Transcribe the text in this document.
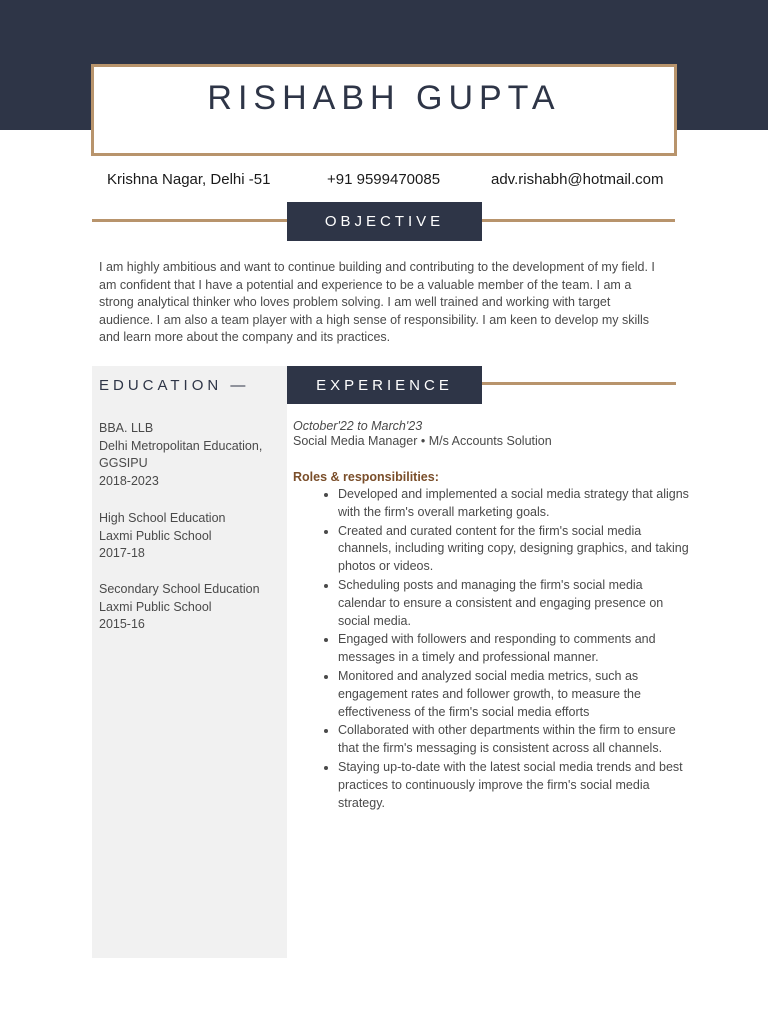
RISHABH GUPTA
Krishna Nagar, Delhi -51	+91 9599470085	adv.rishabh@hotmail.com
OBJECTIVE
I am highly ambitious and want to continue building and contributing to the development of my field. I am confident that I have a potential and experience to be a valuable member of the team. I am a strong analytical thinker who loves problem solving. I am well trained and working with target audience. I am also a team player with a high sense of responsibility. I am keen to develop my skills and learn more about the company and its practices.
EDUCATION —
BBA. LLB
Delhi Metropolitan Education, GGSIPU
2018-2023
High School Education
Laxmi Public School
2017-18
Secondary School Education
Laxmi Public School
2015-16
EXPERIENCE
October'22 to March'23
Social Media Manager • M/s Accounts Solution
Roles & responsibilities:
• Developed and implemented a social media strategy that aligns with the firm's overall marketing goals.
• Created and curated content for the firm's social media channels, including writing copy, designing graphics, and taking photos or videos.
• Scheduling posts and managing the firm's social media calendar to ensure a consistent and engaging presence on social media.
• Engaged with followers and responding to comments and messages in a timely and professional manner.
• Monitored and analyzed social media metrics, such as engagement rates and follower growth, to measure the effectiveness of the firm's social media efforts
• Collaborated with other departments within the firm to ensure that the firm's messaging is consistent across all channels.
• Staying up-to-date with the latest social media trends and best practices to continuously improve the firm's social media strategy.
